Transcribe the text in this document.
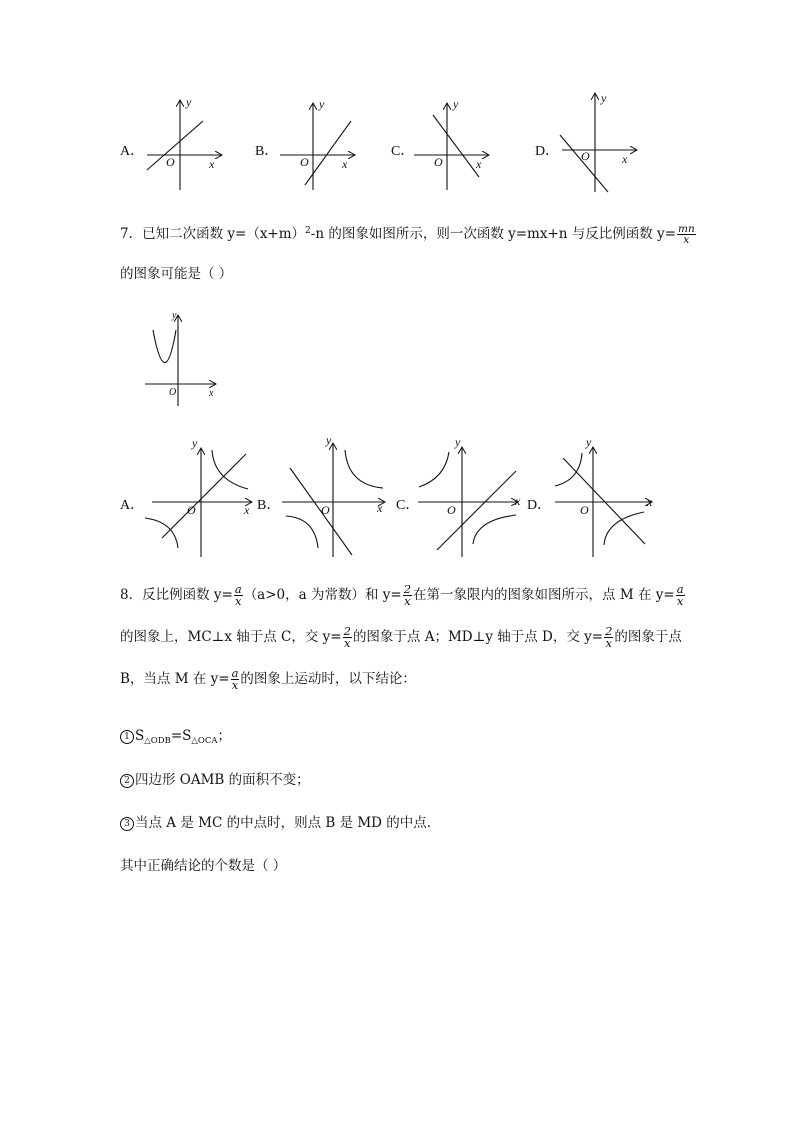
y
x
O
y
x
O
y
x
O
y
x
O
y
x
O
y
x
O
y
x
O
y
x
O
y
x
O
A．	B．	C．	D．
7．已知二次函数 $y=(x+m)^2-n$ 的图象如图所示，则一次函数 y=mx+n 与反比例函数 $y= \frac{mn}{x}$
的图象可能是（ ）
A．	B．	C．	D．
8．反比例函数 $y= \frac{a}{x} (a>0$，a 为常数）和 $y= \frac{2}{x}$ 在第一象限内的图象如图所示，点 M 在 $y= \frac{a}{x}$
的图象上，MC⊥x 轴于点 C，交 $y= \frac{2}{x}$ 的图象于点 A；MD⊥y 轴于点 D，交 $y= \frac{2}{x}$ 的图象于点
B，当点 M 在 $y= \frac{a}{x}$ 的图象上运动时，以下结论：
1 $S_{\triangle ODB}=S_{\triangle OCA}$；
2 四边形 OAMB 的面积不变；
3 当点 A 是 MC 的中点时，则点 B 是 MD 的中点．
其中正确结论的个数是（ ）
